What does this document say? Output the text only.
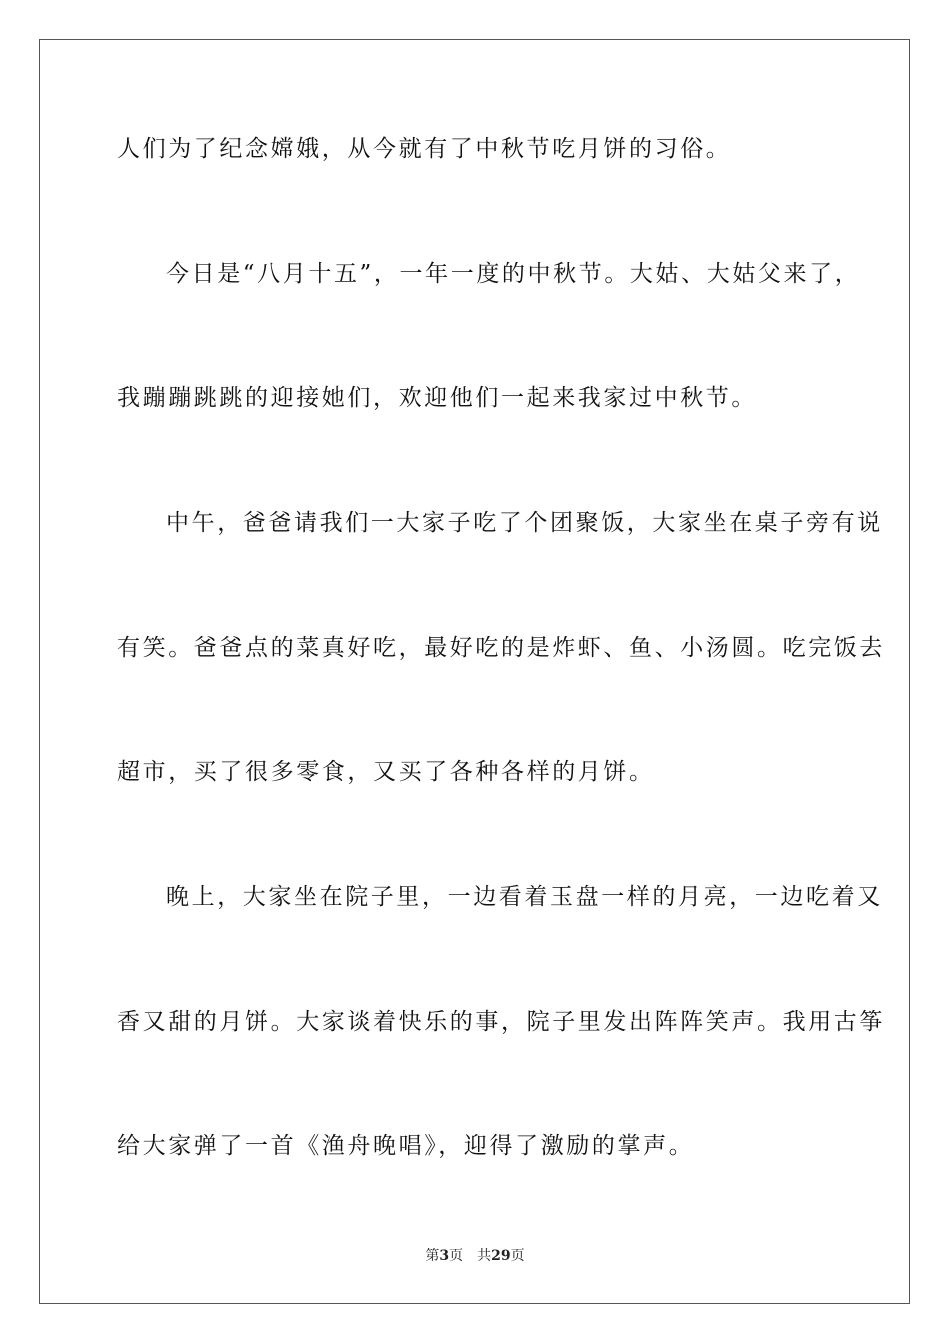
人们为了纪念嫦娥，从今就有了中秋节吃月饼的习俗。
今日是“八月十五”，一年一度的中秋节。大姑、大姑父来了，
我蹦蹦跳跳的迎接她们，欢迎他们一起来我家过中秋节。
中午，爸爸请我们一大家子吃了个团聚饭，大家坐在桌子旁有说
有笑。爸爸点的菜真好吃，最好吃的是炸虾、鱼、小汤圆。吃完饭去
超市，买了很多零食，又买了各种各样的月饼。
晚上，大家坐在院子里，一边看着玉盘一样的月亮，一边吃着又
香又甜的月饼。大家谈着快乐的事，院子里发出阵阵笑声。我用古筝
给大家弹了一首《渔舟晚唱》，迎得了激励的掌声。
第3页 共29页
